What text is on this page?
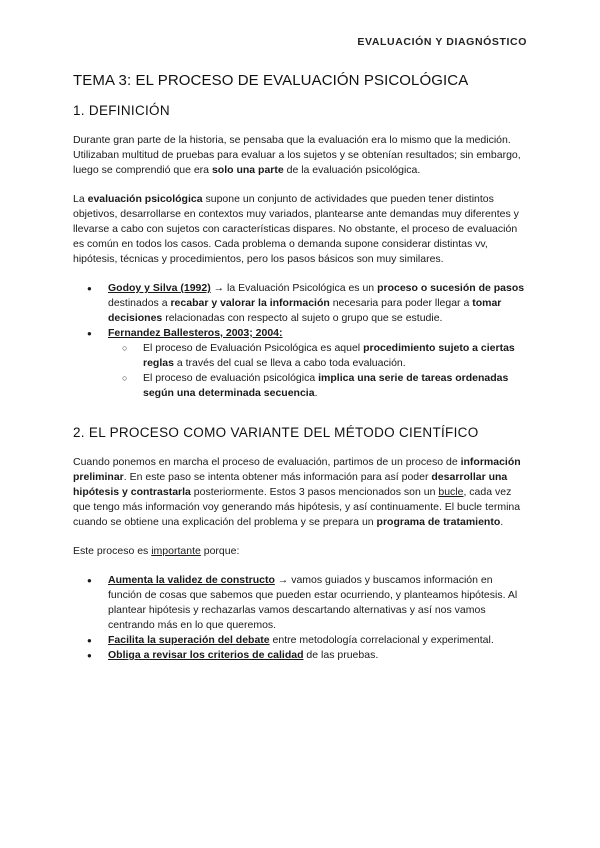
EVALUACIÓN Y DIAGNÓSTICO
TEMA 3: EL PROCESO DE EVALUACIÓN PSICOLÓGICA
1. DEFINICIÓN

Durante gran parte de la historia, se pensaba que la evaluación era lo mismo que la medición. Utilizaban multitud de pruebas para evaluar a los sujetos y se obtenían resultados; sin embargo, luego se comprendió que era solo una parte de la evaluación psicológica.

La evaluación psicológica supone un conjunto de actividades que pueden tener distintos objetivos, desarrollarse en contextos muy variados, plantearse ante demandas muy diferentes y llevarse a cabo con sujetos con características dispares. No obstante, el proceso de evaluación es común en todos los casos. Cada problema o demanda supone considerar distintas vv, hipótesis, técnicas y procedimientos, pero los pasos básicos son muy similares.

● Godoy y Silva (1992) → la Evaluación Psicológica es un proceso o sucesión de pasos destinados a recabar y valorar la información necesaria para poder llegar a tomar decisiones relacionadas con respecto al sujeto o grupo que se estudie.
● Fernandez Ballesteros, 2003; 2004:
○ El proceso de Evaluación Psicológica es aquel procedimiento sujeto a ciertas reglas a través del cual se lleva a cabo toda evaluación.
○ El proceso de evaluación psicológica implica una serie de tareas ordenadas según una determinada secuencia.
2. EL PROCESO COMO VARIANTE DEL MÉTODO CIENTÍFICO

Cuando ponemos en marcha el proceso de evaluación, partimos de un proceso de información preliminar. En este paso se intenta obtener más información para así poder desarrollar una hipótesis y contrastarla posteriormente. Estos 3 pasos mencionados son un bucle, cada vez que tengo más información voy generando más hipótesis, y así continuamente. El bucle termina cuando se obtiene una explicación del problema y se prepara un programa de tratamiento.

Este proceso es importante porque:

● Aumenta la validez de constructo → vamos guiados y buscamos información en función de cosas que sabemos que pueden estar ocurriendo, y planteamos hipótesis. Al plantear hipótesis y rechazarlas vamos descartando alternativas y así nos vamos centrando más en lo que queremos.
● Facilita la superación del debate entre metodología correlacional y experimental.
● Obliga a revisar los criterios de calidad de las pruebas.
